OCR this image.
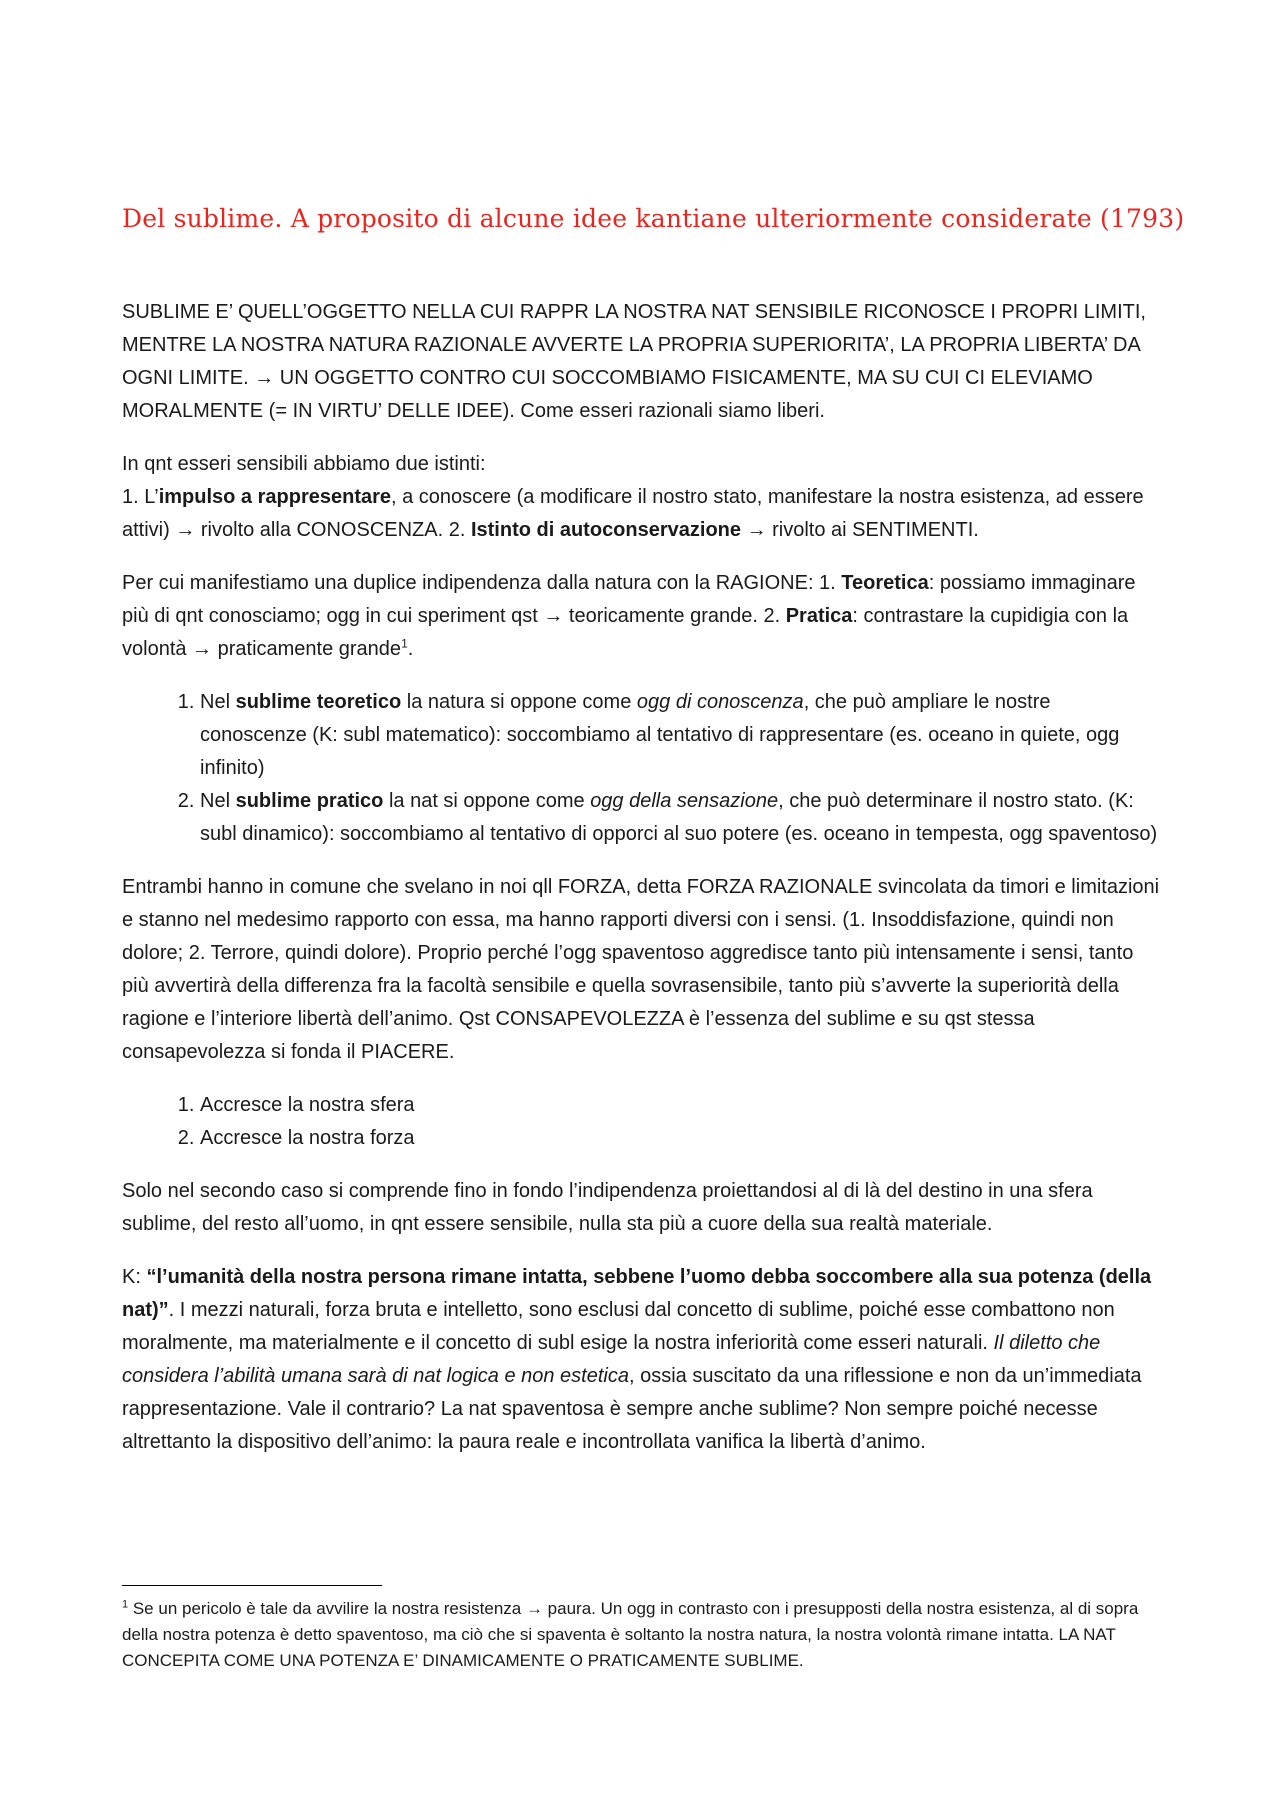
Del sublime. A proposito di alcune idee kantiane ulteriormente considerate (1793)

SUBLIME E’ QUELL’OGGETTO NELLA CUI RAPPR LA NOSTRA NAT SENSIBILE RICONOSCE I PROPRI LIMITI, MENTRE LA NOSTRA NATURA RAZIONALE AVVERTE LA PROPRIA SUPERIORITA’, LA PROPRIA LIBERTA’ DA OGNI LIMITE. → UN OGGETTO CONTRO CUI SOCCOMBIAMO FISICAMENTE, MA SU CUI CI ELEVIAMO MORALMENTE (= IN VIRTU’ DELLE IDEE). Come esseri razionali siamo liberi.

In qnt esseri sensibili abbiamo due istinti:
1. L’impulso a rappresentare, a conoscere (a modificare il nostro stato, manifestare la nostra esistenza, ad essere attivi) → rivolto alla CONOSCENZA. 2. Istinto di autoconservazione → rivolto ai SENTIMENTI.

Per cui manifestiamo una duplice indipendenza dalla natura con la RAGIONE: 1. Teoretica: possiamo immaginare più di qnt conosciamo; ogg in cui speriment qst → teoricamente grande. 2. Pratica: contrastare la cupidigia con la volontà → praticamente grande$^1$.

1. Nel sublime teoretico la natura si oppone come ogg di conoscenza, che può ampliare le nostre conoscenze (K: subl matematico): soccombiamo al tentativo di rappresentare (es. oceano in quiete, ogg infinito)
2. Nel sublime pratico la nat si oppone come ogg della sensazione, che può determinare il nostro stato. (K: subl dinamico): soccombiamo al tentativo di opporci al suo potere (es. oceano in tempesta, ogg spaventoso)

Entrambi hanno in comune che svelano in noi qll FORZA, detta FORZA RAZIONALE svincolata da timori e limitazioni e stanno nel medesimo rapporto con essa, ma hanno rapporti diversi con i sensi. (1. Insoddisfazione, quindi non dolore; 2. Terrore, quindi dolore). Proprio perché l’ogg spaventoso aggredisce tanto più intensamente i sensi, tanto più avvertirà della differenza fra la facoltà sensibile e quella sovrasensibile, tanto più s’avverte la superiorità della ragione e l’interiore libertà dell’animo. Qst CONSAPEVOLEZZA è l’essenza del sublime e su qst stessa consapevolezza si fonda il PIACERE.

1. Accresce la nostra sfera
2. Accresce la nostra forza

Solo nel secondo caso si comprende fino in fondo l’indipendenza proiettandosi al di là del destino in una sfera sublime, del resto all’uomo, in qnt essere sensibile, nulla sta più a cuore della sua realtà materiale.

K: “l’umanità della nostra persona rimane intatta, sebbene l’uomo debba soccombere alla sua potenza (della nat)”. I mezzi naturali, forza bruta e intelletto, sono esclusi dal concetto di sublime, poiché esse combattono non moralmente, ma materialmente e il concetto di subl esige la nostra inferiorità come esseri naturali. Il diletto che considera l’abilità umana sarà di nat logica e non estetica, ossia suscitato da una riflessione e non da un’immediata rappresentazione. Vale il contrario? La nat spaventosa è sempre anche sublime? Non sempre poiché necesse altrettanto la dispositivo dell’animo: la paura reale e incontrollata vanifica la libertà d’animo.

$^1$ Se un pericolo è tale da avvilire la nostra resistenza → paura. Un ogg in contrasto con i presupposti della nostra esistenza, al di sopra della nostra potenza è detto spaventoso, ma ciò che si spaventa è soltanto la nostra natura, la nostra volontà rimane intatta. LA NAT CONCEPITA COME UNA POTENZA E’ DINAMICAMENTE O PRATICAMENTE SUBLIME.
